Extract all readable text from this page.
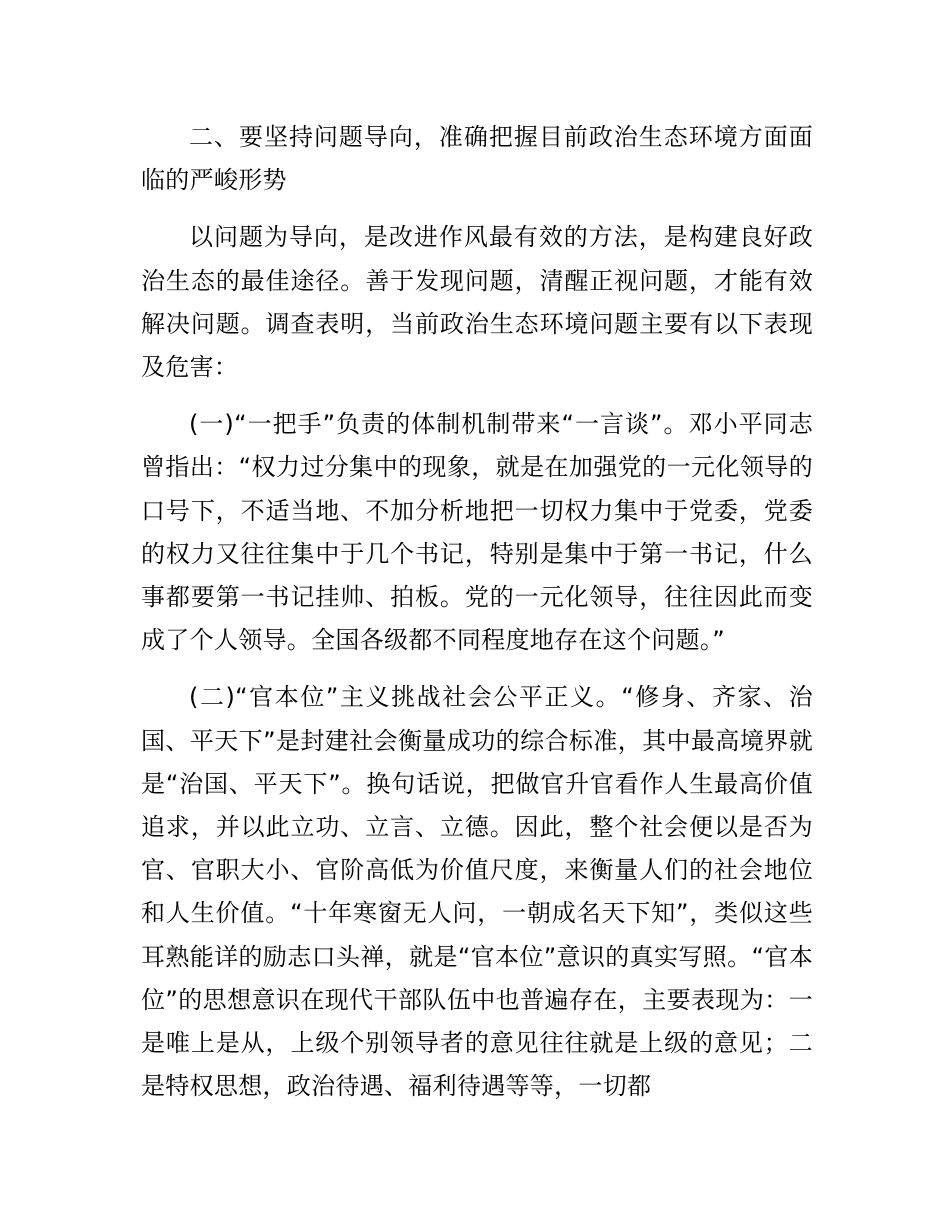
二、要坚持问题导向，准确把握目前政治生态环境方面面临的严峻形势

以问题为导向，是改进作风最有效的方法，是构建良好政治生态的最佳途径。善于发现问题，清醒正视问题，才能有效解决问题。调查表明，当前政治生态环境问题主要有以下表现及危害：

(一)“一把手”负责的体制机制带来“一言谈”。邓小平同志曾指出：“权力过分集中的现象，就是在加强党的一元化领导的口号下，不适当地、不加分析地把一切权力集中于党委，党委的权力又往往集中于几个书记，特别是集中于第一书记，什么事都要第一书记挂帅、拍板。党的一元化领导，往往因此而变成了个人领导。全国各级都不同程度地存在这个问题。”

(二)“官本位”主义挑战社会公平正义。“修身、齐家、治国、平天下”是封建社会衡量成功的综合标准，其中最高境界就是“治国、平天下”。换句话说，把做官升官看作人生最高价值追求，并以此立功、立言、立德。因此，整个社会便以是否为官、官职大小、官阶高低为价值尺度，来衡量人们的社会地位和人生价值。“十年寒窗无人问，一朝成名天下知”，类似这些耳熟能详的励志口头禅，就是“官本位”意识的真实写照。“官本位”的思想意识在现代干部队伍中也普遍存在，主要表现为：一是唯上是从，上级个别领导者的意见往往就是上级的意见；二是特权思想，政治待遇、福利待遇等等，一切都
